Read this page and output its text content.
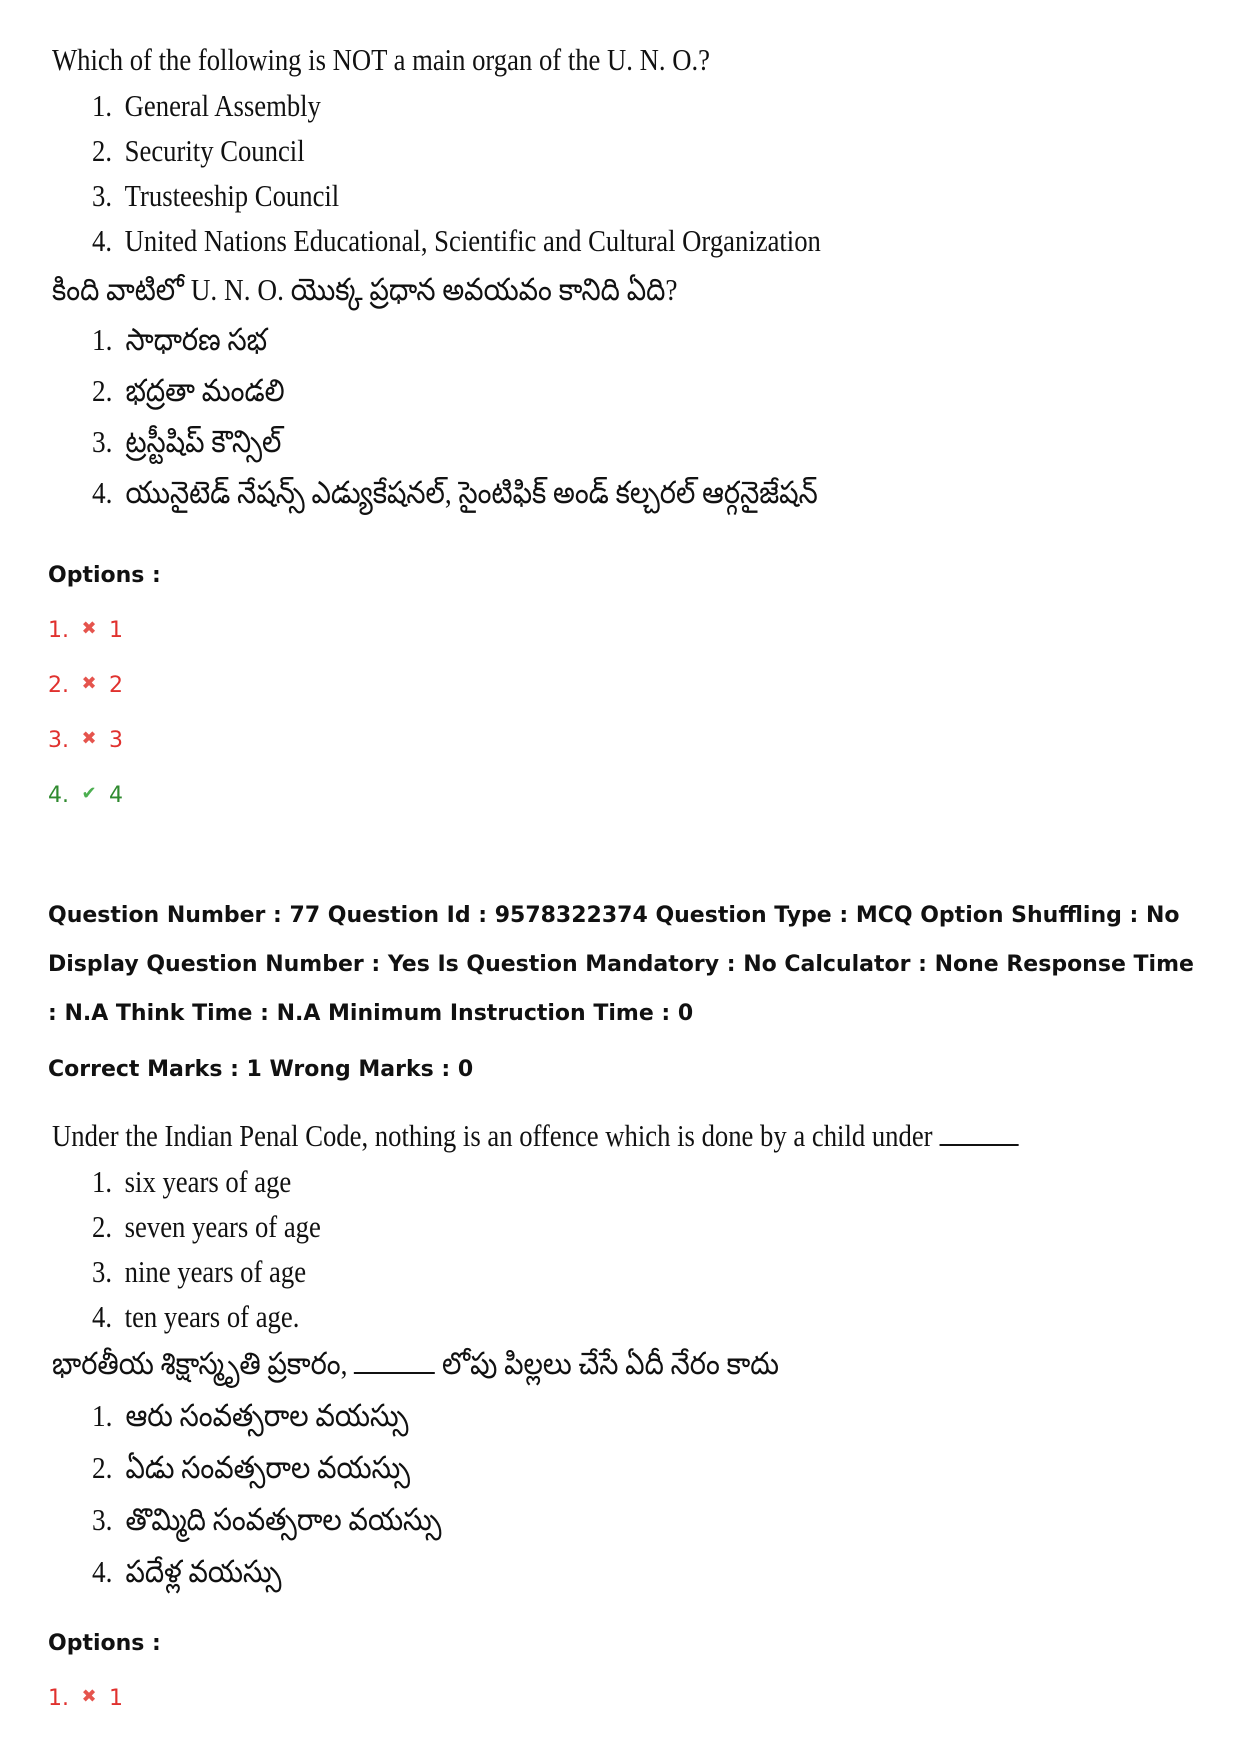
Which of the following is NOT a main organ of the U. N. O.?
1. General Assembly
2. Security Council
3. Trusteeship Council
4. United Nations Educational, Scientific and Cultural Organization
కింది వాటిలో U. N. O. యొక్క ప్రధాన అవయవం కానిది ఏది?
1. సాధారణ సభ
2. భద్రతా మండలి
3. ట్రస్టీషిప్ కౌన్సిల్
4. యునైటెడ్ నేషన్స్ ఎడ్యుకేషనల్, సైంటిఫిక్ అండ్ కల్చరల్ ఆర్గనైజేషన్
Options :
1. ✖ 1
2. ✖ 2
3. ✖ 3
4. ✔ 4
Question Number : 77 Question Id : 9578322374 Question Type : MCQ Option Shuffling : No
Display Question Number : Yes Is Question Mandatory : No Calculator : None Response Time
: N.A Think Time : N.A Minimum Instruction Time : 0
Correct Marks : 1 Wrong Marks : 0
Under the Indian Penal Code, nothing is an offence which is done by a child under
1. six years of age
2. seven years of age
3. nine years of age
4. ten years of age.
భారతీయ శిక్షాస్మృతి ప్రకారం,	లోపు పిల్లలు చేసే ఏదీ నేరం కాదు
1. ఆరు సంవత్సరాల వయస్సు
2. ఏడు సంవత్సరాల వయస్సు
3. తొమ్మిది సంవత్సరాల వయస్సు
4. పదేళ్ల వయస్సు
Options :
1. ✖ 1
